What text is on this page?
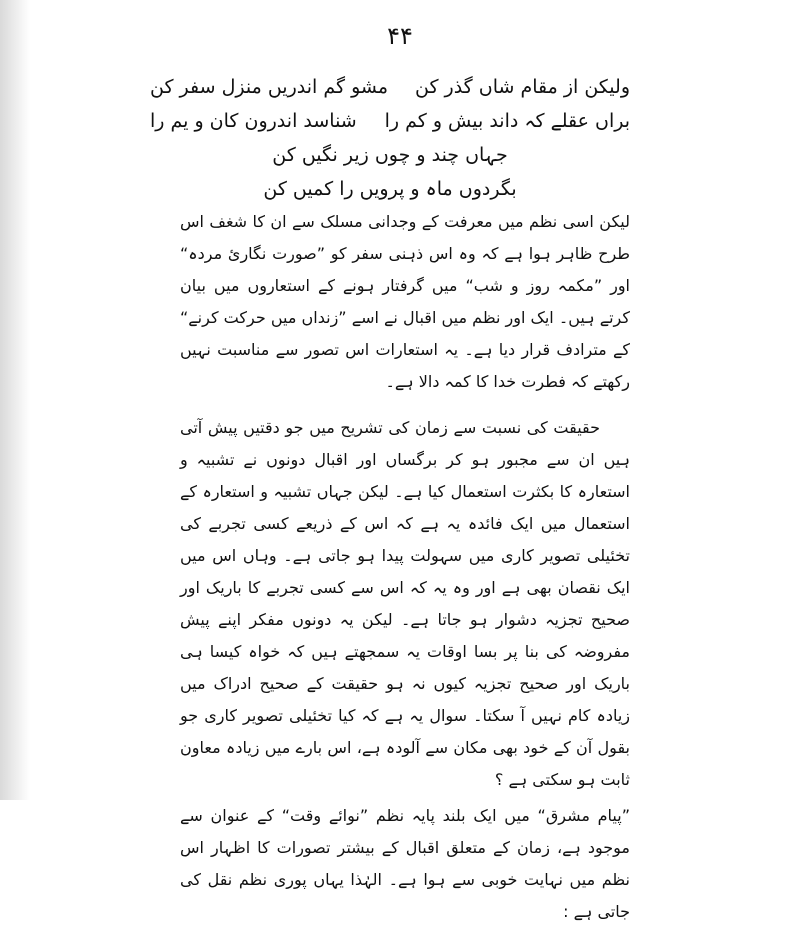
۴۴
ولیکن از مقام شاں گذر کن
مشو گم اندریں منزل سفر کن
براں عقلے کہ داند بیش و کم را
شناسد اندرون کان و یم را
جہاں چند و چوں زیر نگیں کن
بگردوں ماہ و پرویں را کمیں کن

لیکن اسی نظم میں معرفت کے وجدانی مسلک سے ان کا شغف اس طرح ظاہر ہوا ہے کہ وہ اس ذہنی سفر کو ”صورت نگاریٔ مردہ“ اور ”مکمہ روز و شب“ میں گرفتار ہونے کے استعاروں میں بیان کرتے ہیں۔ ایک اور نظم میں اقبال نے اسے ”زنداں میں حرکت کرنے“ کے مترادف قرار دیا ہے۔ یہ استعارات اس تصور سے مناسبت نہیں رکھتے کہ فطرت خدا کا کمہ دالا ہے۔

حقیقت کی نسبت سے زمان کی تشریح میں جو دقتیں پیش آتی ہیں ان سے مجبور ہو کر برگساں اور اقبال دونوں نے تشبیہ و استعارہ کا بکثرت استعمال کیا ہے۔ لیکن جہاں تشبیہ و استعارہ کے استعمال میں ایک فائدہ یہ ہے کہ اس کے ذریعے کسی تجربے کی تخئیلی تصویر کاری میں سہولت پیدا ہو جاتی ہے۔ وہاں اس میں ایک نقصان بھی ہے اور وہ یہ کہ اس سے کسی تجربے کا باریک اور صحیح تجزیہ دشوار ہو جاتا ہے۔ لیکن یہ دونوں مفکر اپنے پیش مفروضہ کی بنا پر بسا اوقات یہ سمجھتے ہیں کہ خواہ کیسا ہی باریک اور صحیح تجزیہ کیوں نہ ہو حقیقت کے صحیح ادراک میں زیادہ کام نہیں آ سکتا۔ سوال یہ ہے کہ کیا تخئیلی تصویر کاری جو بقول آن کے خود بھی مکان سے آلودہ ہے، اس بارے میں زیادہ معاون ثابت ہو سکتی ہے ؟

”پیام مشرق“ میں ایک بلند پایہ نظم ”نوائے وقت“ کے عنوان سے موجود ہے، زمان کے متعلق اقبال کے بیشتر تصورات کا اظہار اس نظم میں نہایت خوبی سے ہوا ہے۔ الہٰذا یہاں پوری نظم نقل کی جاتی ہے :
